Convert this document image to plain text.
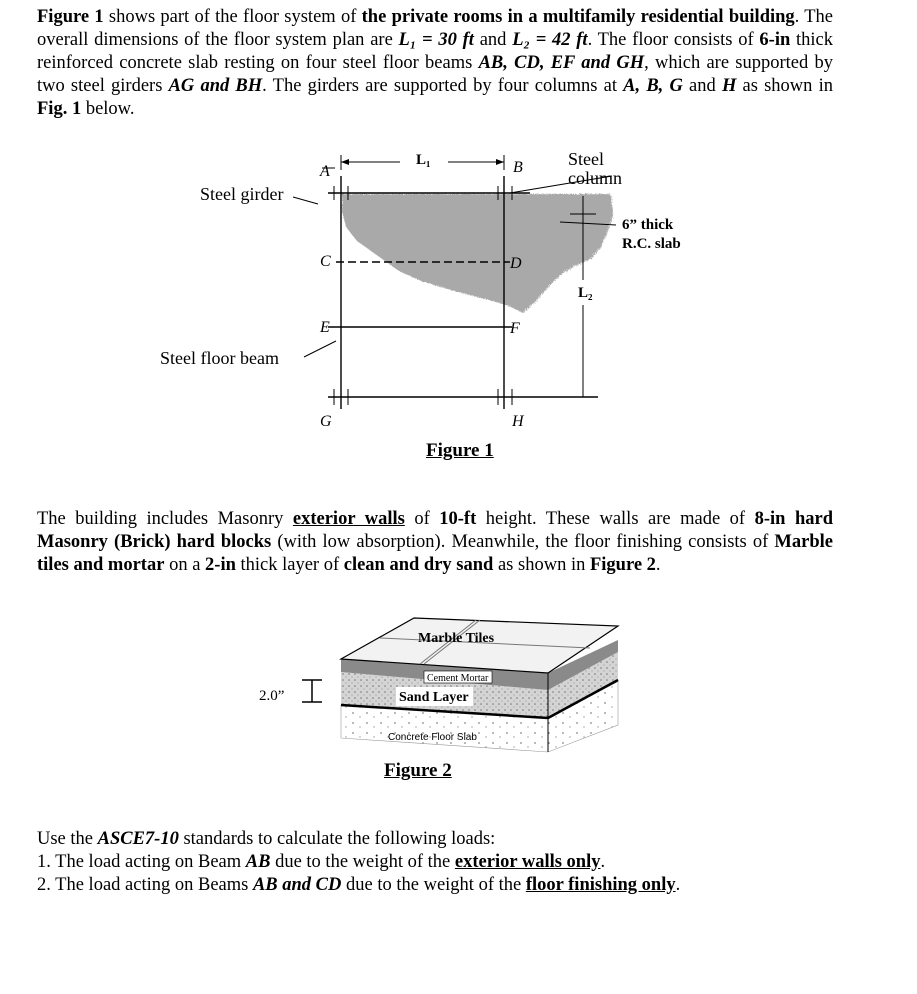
Figure 1 shows part of the floor system of the private rooms in a multifamily residential building. The overall dimensions of the floor system plan are L₁ = 30 ft and L₂ = 42 ft. The floor consists of 6-in thick reinforced concrete slab resting on four steel floor beams AB, CD, EF and GH, which are supported by two steel girders AG and BH. The girders are supported by four columns at A, B, G and H as shown in Fig. 1 below.
Steel girder
Steel floor beam
Steel
column
6” thick
R.C. slab
L₁
L₂
A	B
C	D
E	F
G	H
Figure 1
The building includes Masonry exterior walls of 10-ft height. These walls are made of 8-in hard Masonry (Brick) hard blocks (with low absorption). Meanwhile, the floor finishing consists of Marble tiles and mortar on a 2-in thick layer of clean and dry sand as shown in Figure 2.
2.0”
Marble Tiles
Cement Mortar
Sand Layer
Concrete Floor Slab
Figure 2
Use the ASCE7-10 standards to calculate the following loads:
1. The load acting on Beam AB due to the weight of the exterior walls only.
2. The load acting on Beams AB and CD due to the weight of the floor finishing only.
